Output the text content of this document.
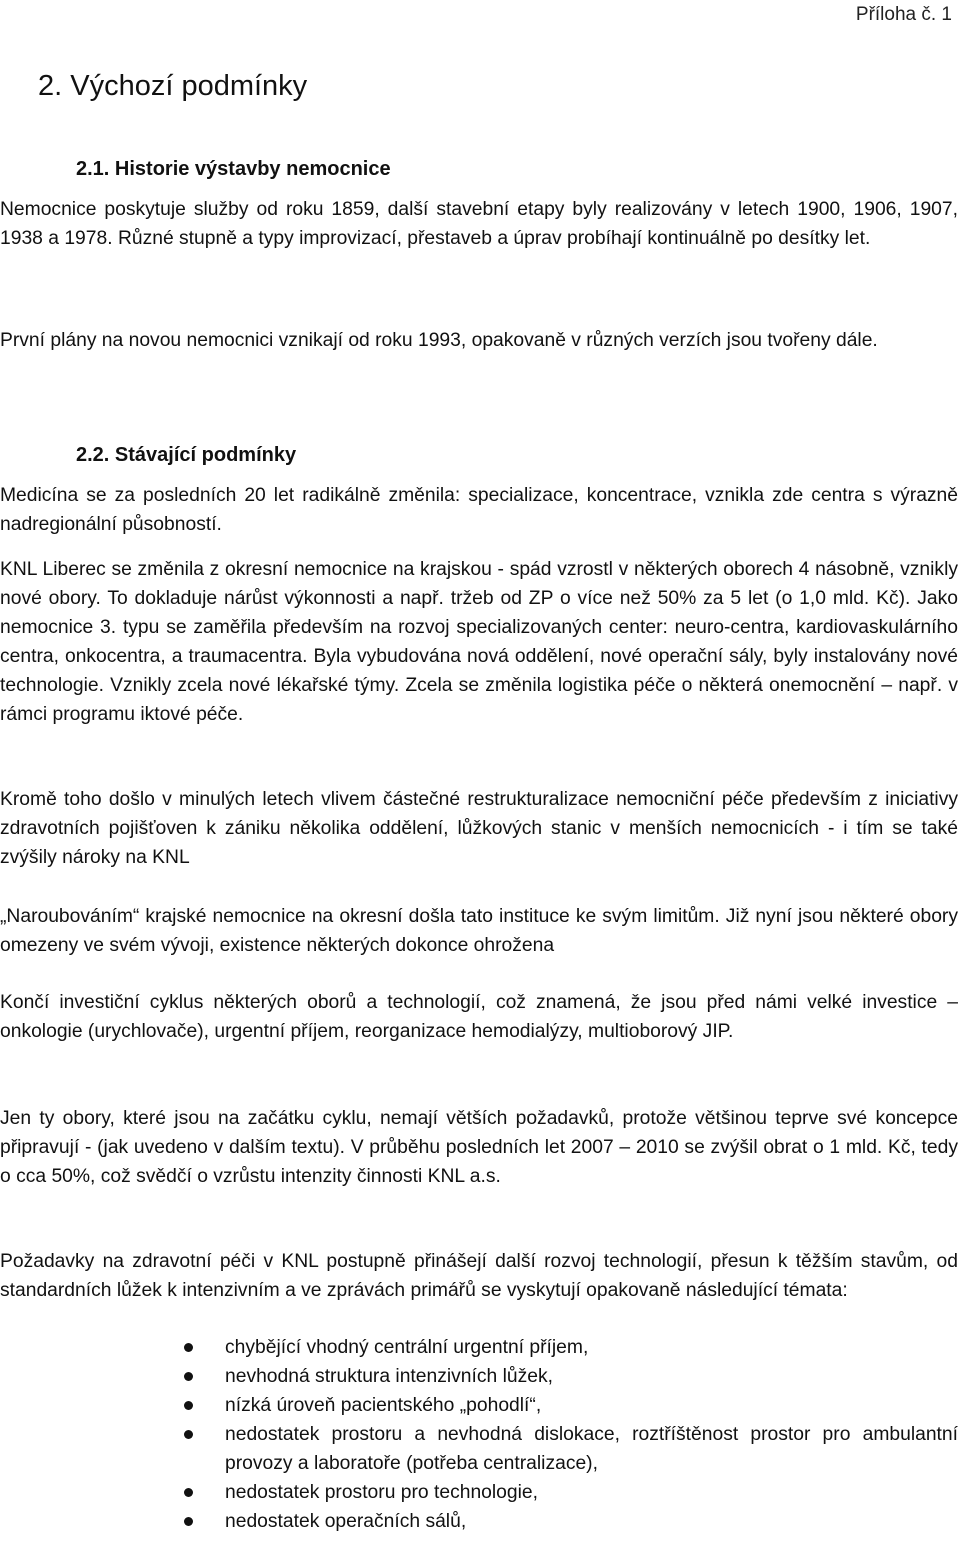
Příloha č. 1
2. Výchozí podmínky
2.1. Historie výstavby nemocnice

Nemocnice poskytuje služby od roku 1859, další stavební etapy byly realizovány v letech 1900, 1906, 1907, 1938 a 1978. Různé stupně a typy improvizací, přestaveb a úprav probíhají kontinuálně po desítky let.

První plány na novou nemocnici vznikají od roku 1993, opakovaně v různých verzích jsou tvořeny dále.

2.2. Stávající podmínky

Medicína se za posledních 20 let radikálně změnila: specializace, koncentrace, vznikla zde centra s výrazně nadregionální působností.

KNL Liberec se změnila z okresní nemocnice na krajskou - spád vzrostl v některých oborech 4 násobně, vznikly nové obory. To dokladuje nárůst výkonnosti a např. tržeb od ZP o více než 50% za 5 let (o 1,0 mld. Kč). Jako nemocnice 3. typu se zaměřila především na rozvoj specializovaných center: neuro-centra, kardiovaskulárního centra, onkocentra, a traumacentra. Byla vybudována nová oddělení, nové operační sály, byly instalovány nové technologie. Vznikly zcela nové lékařské týmy. Zcela se změnila logistika péče o některá onemocnění – např. v rámci programu iktové péče.

Kromě toho došlo v minulých letech vlivem částečné restrukturalizace nemocniční péče především z iniciativy zdravotních pojišťoven k zániku několika oddělení, lůžkových stanic v menších nemocnicích - i tím se také zvýšily nároky na KNL

„Naroubováním“ krajské nemocnice na okresní došla tato instituce ke svým limitům. Již nyní jsou některé obory omezeny ve svém vývoji, existence některých dokonce ohrožena

Končí investiční cyklus některých oborů a technologií, což znamená, že jsou před námi velké investice – onkologie (urychlovače), urgentní příjem, reorganizace hemodialýzy, multioborový JIP.

Jen ty obory, které jsou na začátku cyklu, nemají větších požadavků, protože většinou teprve své koncepce připravují - (jak uvedeno v dalším textu). V průběhu posledních let 2007 – 2010 se zvýšil obrat o 1 mld. Kč, tedy o cca 50%, což svědčí o vzrůstu intenzity činnosti KNL a.s.

Požadavky na zdravotní péči v KNL postupně přinášejí další rozvoj technologií, přesun k těžším stavům, od standardních lůžek k intenzivním a ve zprávách primářů se vyskytují opakovaně následující témata:

chybějící vhodný centrální urgentní příjem,
nevhodná struktura intenzivních lůžek,
nízká úroveň pacientského „pohodlí“,
nedostatek prostoru a nevhodná dislokace, roztříštěnost prostor pro ambulantní provozy a laboratoře (potřeba centralizace),
nedostatek prostoru pro technologie,
nedostatek operačních sálů,
